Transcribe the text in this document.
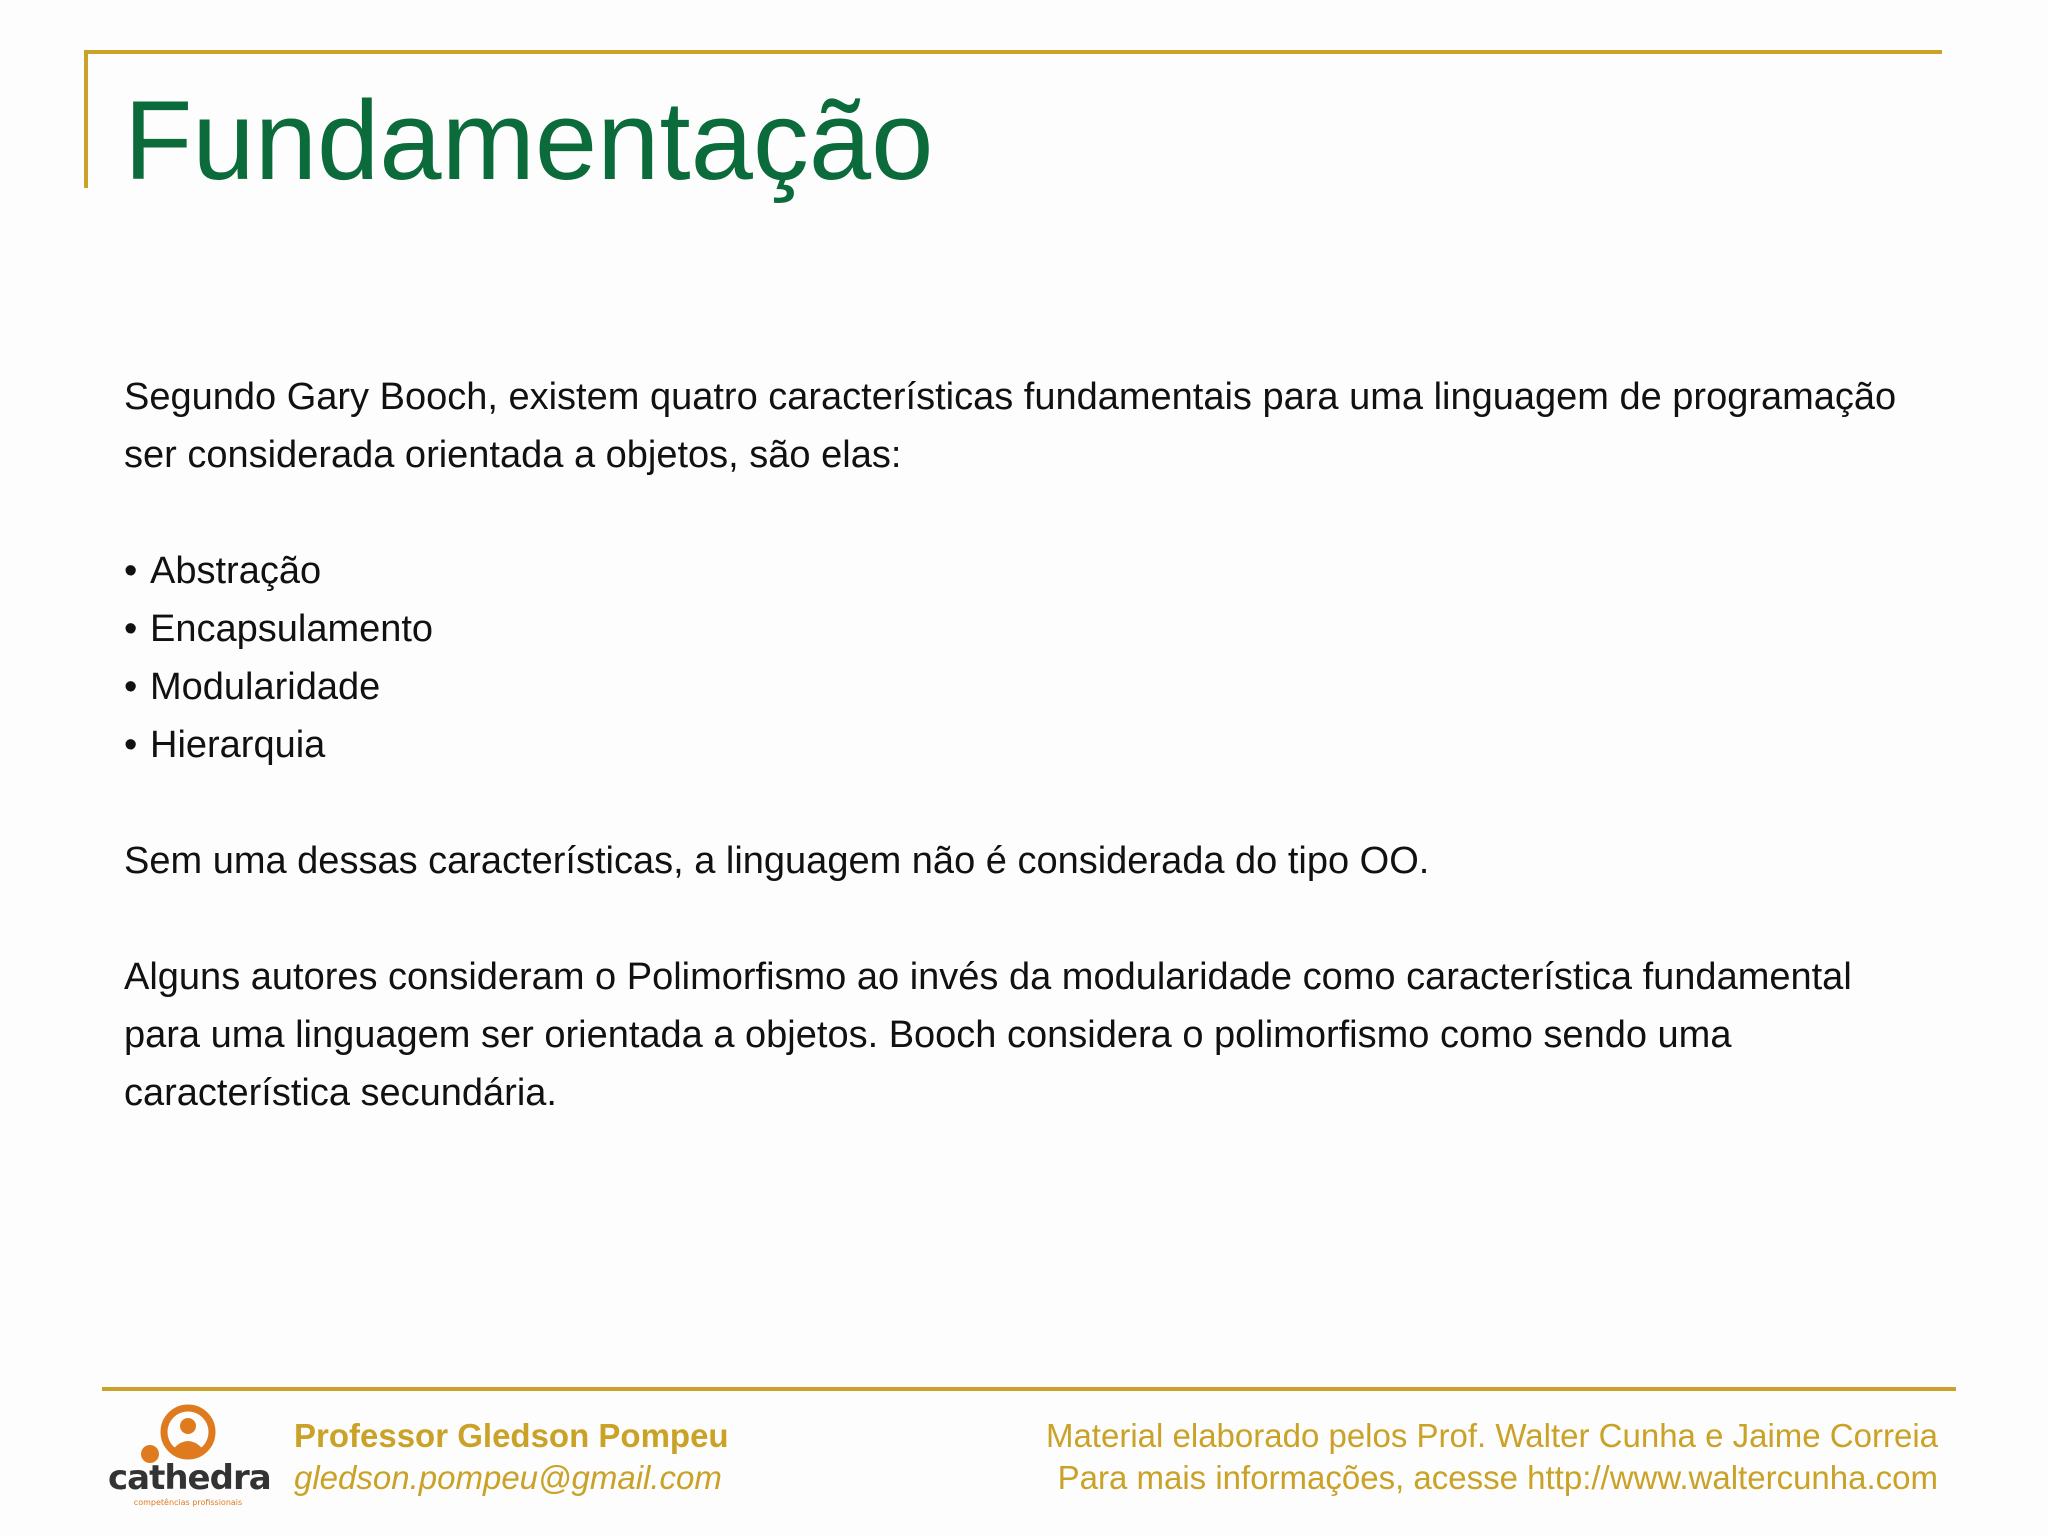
Fundamentação

Segundo Gary Booch, existem quatro características fundamentais para uma linguagem de programação ser considerada orientada a objetos, são elas:

• Abstração
• Encapsulamento
• Modularidade
• Hierarquia

Sem uma dessas características, a linguagem não é considerada do tipo OO.

Alguns autores consideram o Polimorfismo ao invés da modularidade como característica fundamental para uma linguagem ser orientada a objetos. Booch considera o polimorfismo como sendo uma característica secundária.

cathedra
competências profissionais
Professor Gledson Pompeu
gledson.pompeu@gmail.com
Material elaborado pelos Prof. Walter Cunha e Jaime Correia
Para mais informações, acesse http://www.waltercunha.com
